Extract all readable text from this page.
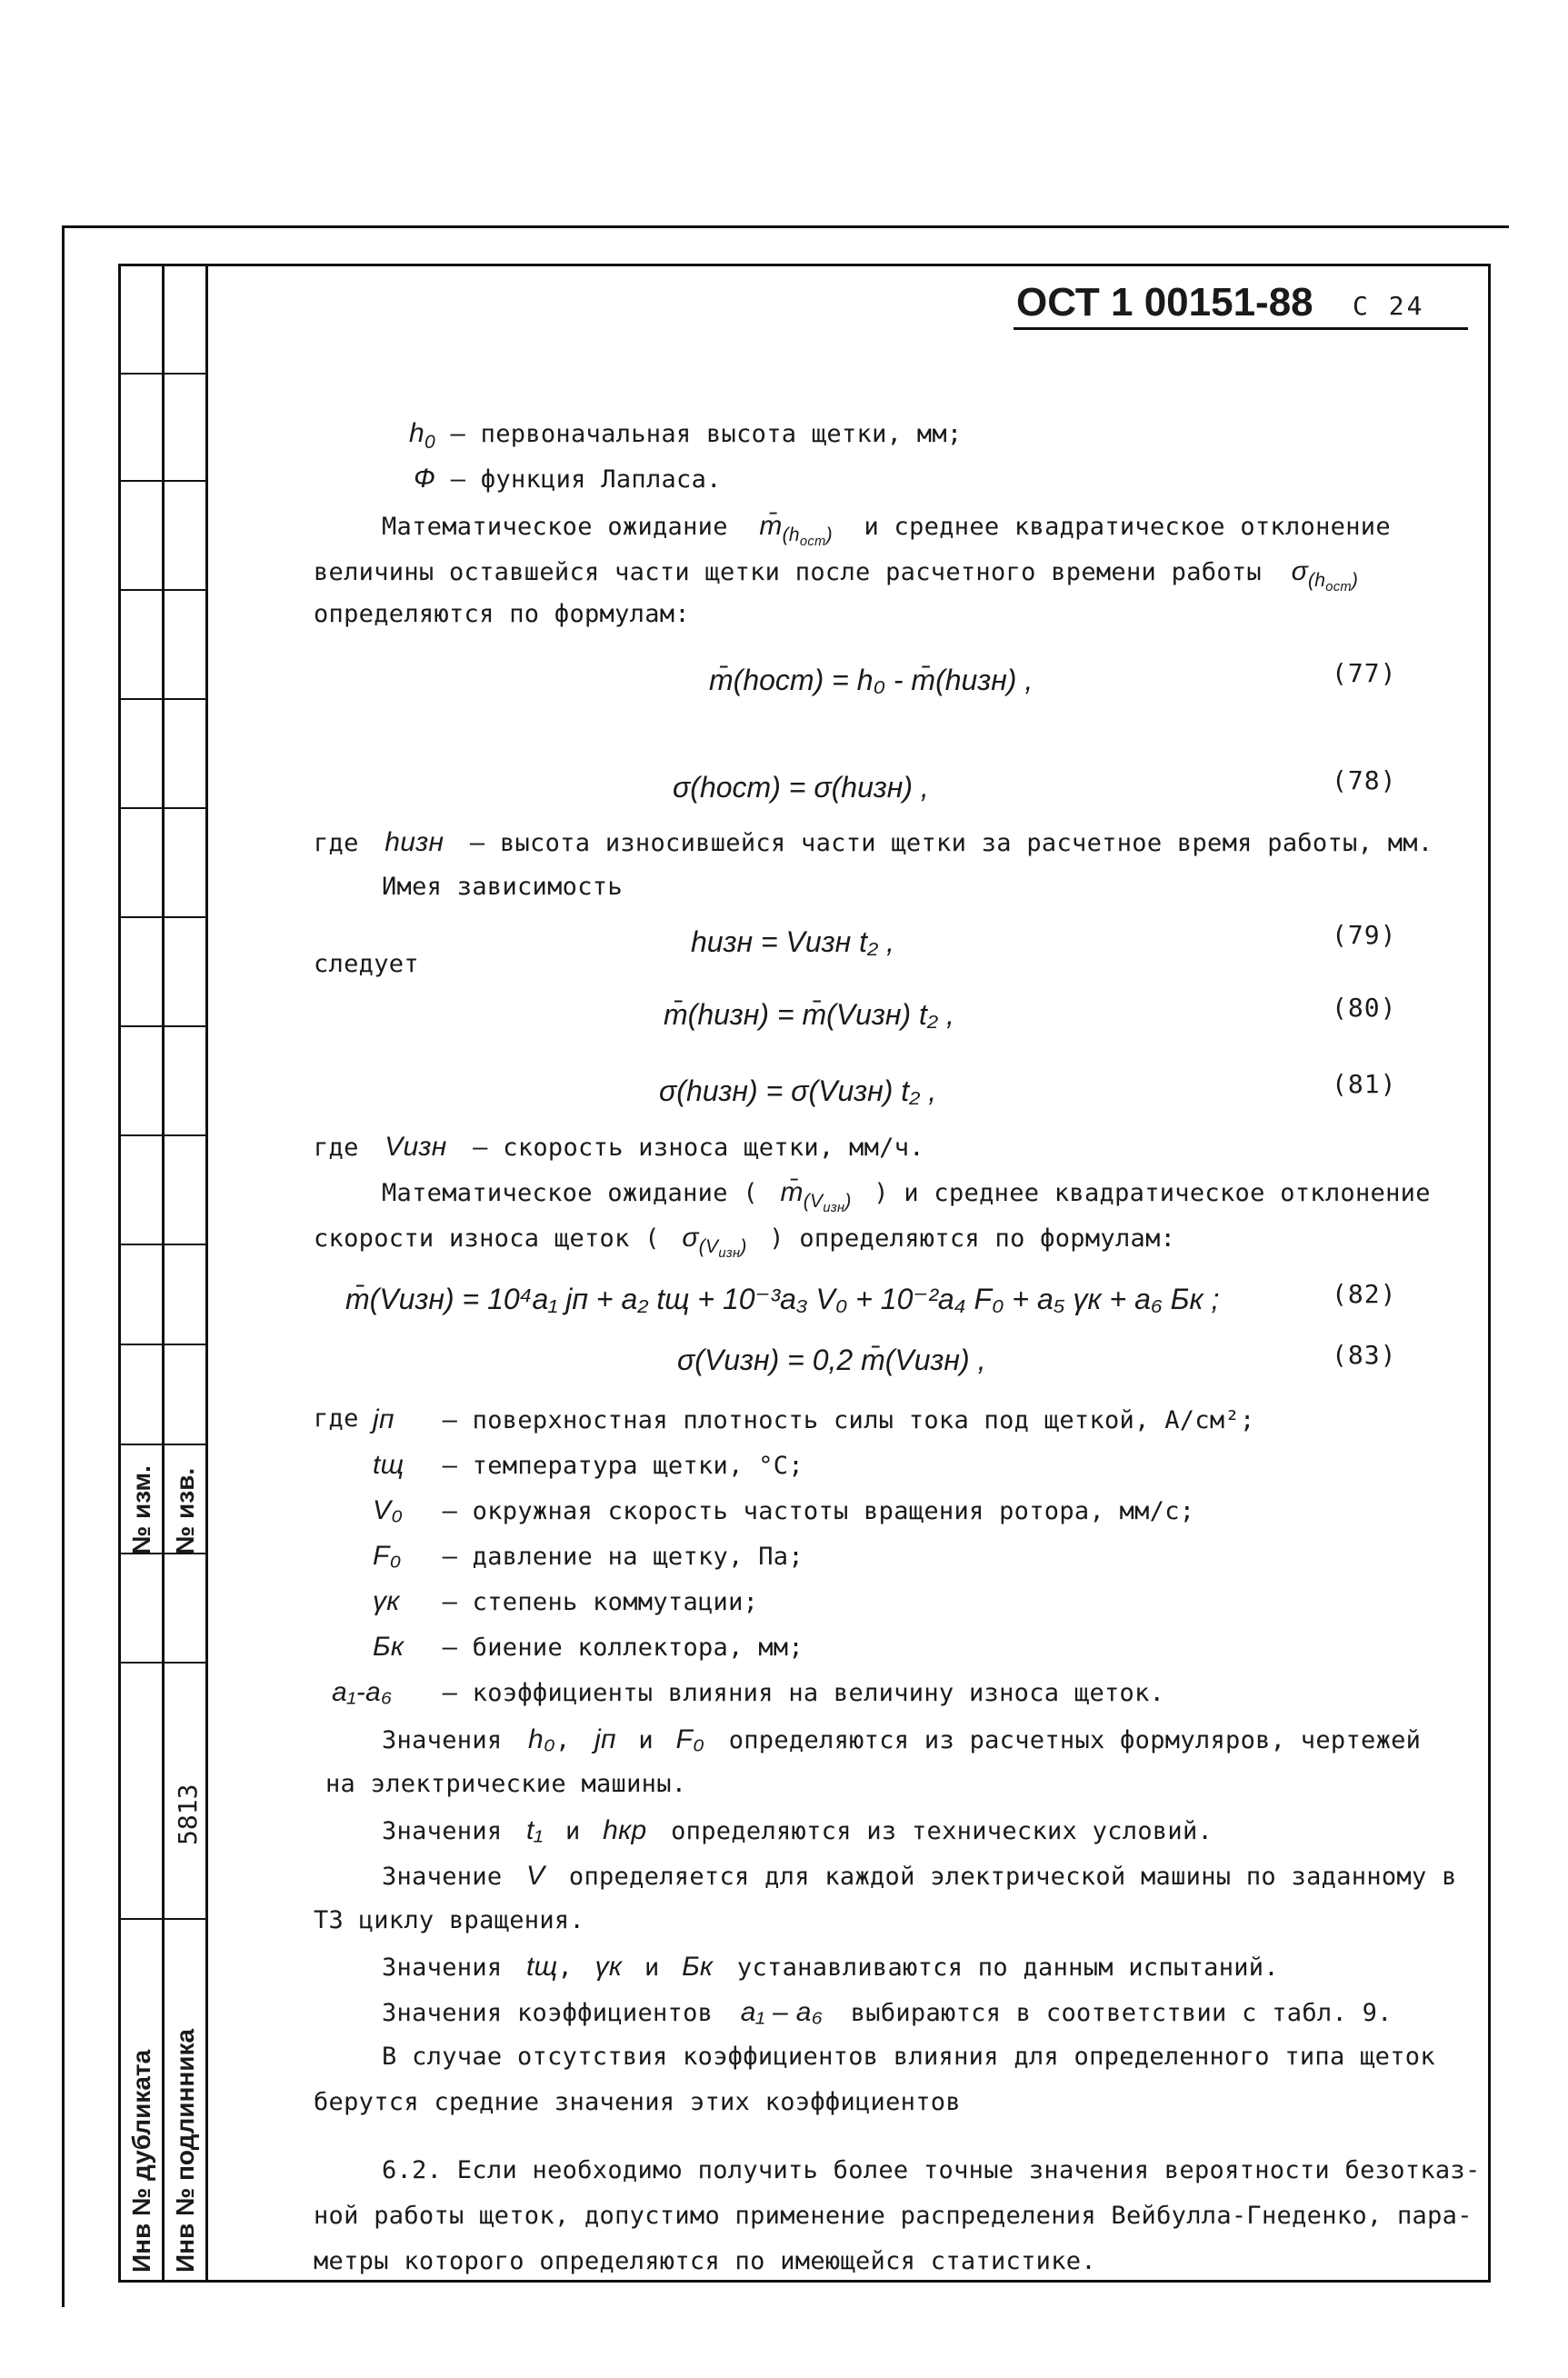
№ изм. № изв.
5813
Инв № дубликата Инв № подлинника
ОСТ 1 00151-88 С 24
$h_0$ – первоначальная высота щетки, мм;
Ф – функция Лапласа.
Математическое ожидание $m̄_{(h_{ост})}$ и среднее квадратическое отклонение
величины оставшейся части щетки после расчетного времени работы $\sigma_{(h_{ост})}$
определяются по формулам:
m̄(hост) = h₀ - m̄(hизн) ,	(77)
σ(hост) = σ(hизн) ,	(78)
где hизн – высота износившейся части щетки за расчетное время работы, мм.
Имея зависимость
hизн = Vизн t₂ ,	(79)
следует
m̄(hизн) = m̄(Vизн) t₂ ,	(80)
σ(hизн) = σ(Vизн) t₂ ,	(81)
где Vизн – скорость износа щетки, мм/ч.
Математическое ожидание ( $m̄_{(V_{изн})}$ ) и среднее квадратическое отклонение
скорости износа щеток ( $\sigma_{(V_{изн})}$ ) определяются по формулам:
m̄(Vизн) = 10⁴a₁ jп + a₂ tщ + 10⁻³a₃ V₀ + 10⁻²a₄ F₀ + a₅ γк + a₆ Бк ;	(82)
σ(Vизн) = 0,2 m̄(Vизн) ,	(83)
где jп – поверхностная плотность силы тока под щеткой, А/см²;
tщ – температура щетки, °С;
V₀ – окружная скорость частоты вращения ротора, мм/с;
F₀ – давление на щетку, Па;
γк – степень коммутации;
Бк – биение коллектора, мм;
a₁-a₆ – коэффициенты влияния на величину износа щеток.
Значения h₀, jп и F₀ определяются из расчетных формуляров, чертежей
на электрические машины.
Значения t₁ и hкр определяются из технических условий.
Значение V определяется для каждой электрической машины по заданному в
ТЗ циклу вращения.
Значения tщ, γк и Бк устанавливаются по данным испытаний.
Значения коэффициентов a₁ – a₆ выбираются в соответствии с табл. 9.
В случае отсутствия коэффициентов влияния для определенного типа щеток
берутся средние значения этих коэффициентов
6.2. Если необходимо получить более точные значения вероятности безотказ-
ной работы щеток, допустимо применение распределения Вейбулла-Гнеденко, пара-
метры которого определяются по имеющейся статистике.
